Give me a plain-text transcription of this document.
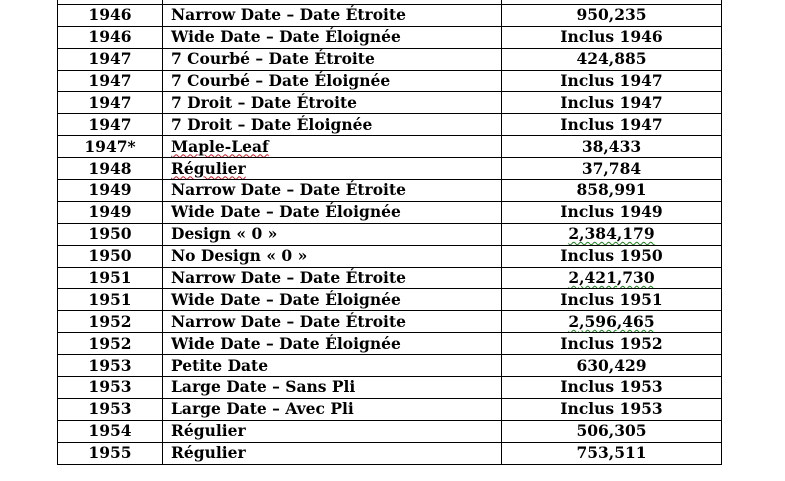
1946	Narrow Date – Date Étroite	950,235
1946	Wide Date – Date Éloignée	Inclus 1946
1947	7 Courbé – Date Étroite	424,885
1947	7 Courbé – Date Éloignée	Inclus 1947
1947	7 Droit – Date Étroite	Inclus 1947
1947	7 Droit – Date Éloignée	Inclus 1947
1947*	Maple-Leaf	38,433
1948	Régulier	37,784
1949	Narrow Date – Date Étroite	858,991
1949	Wide Date – Date Éloignée	Inclus 1949
1950	Design « 0 »	2,384,179
1950	No Design « 0 »	Inclus 1950
1951	Narrow Date – Date Étroite	2,421,730
1951	Wide Date – Date Éloignée	Inclus 1951
1952	Narrow Date – Date Étroite	2,596,465
1952	Wide Date – Date Éloignée	Inclus 1952
1953	Petite Date	630,429
1953	Large Date – Sans Pli	Inclus 1953
1953	Large Date – Avec Pli	Inclus 1953
1954	Régulier	506,305
1955	Régulier	753,511
